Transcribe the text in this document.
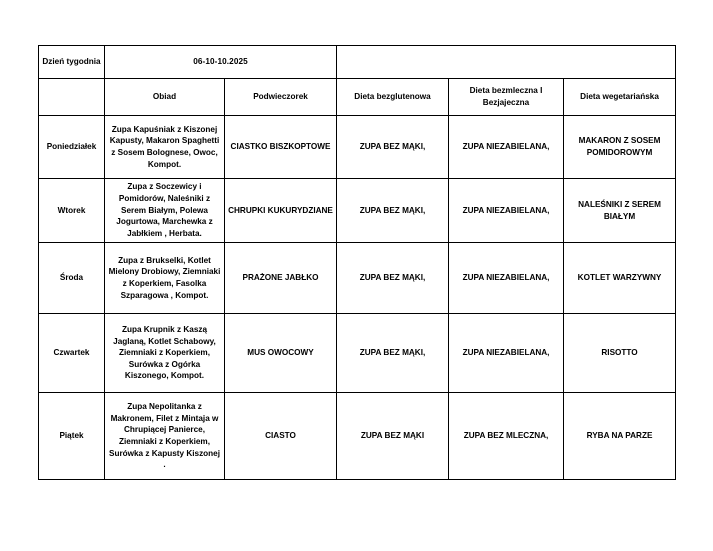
Dzień tygodnia	06-10-10.2025				
	Obiad	Podwieczorek	Dieta bezglutenowa	Dieta bezmleczna I Bezjajeczna	Dieta wegetariańska
Poniedziałek	Zupa Kapuśniak z Kiszonej Kapusty, Makaron Spaghetti z Sosem Bolognese, Owoc, Kompot.	CIASTKO BISZKOPTOWE	ZUPA BEZ MĄKI,	ZUPA NIEZABIELANA,	MAKARON Z SOSEM POMIDOROWYM
Wtorek	Zupa z Soczewicy i Pomidorów, Naleśniki z Serem Białym, Polewa Jogurtowa, Marchewka z Jabłkiem , Herbata.	CHRUPKI KUKURYDZIANE	ZUPA BEZ MĄKI,	ZUPA NIEZABIELANA,	NALEŚNIKI Z SEREM BIAŁYM
Środa	Zupa z Brukselki, Kotlet Mielony Drobiowy, Ziemniaki z Koperkiem, Fasolka Szparagowa , Kompot.	PRAŻONE JABŁKO	ZUPA BEZ MĄKI,	ZUPA NIEZABIELANA,	KOTLET WARZYWNY
Czwartek	Zupa Krupnik z Kaszą Jaglaną, Kotlet Schabowy, Ziemniaki z Koperkiem, Surówka z Ogórka Kiszonego, Kompot.	MUS OWOCOWY	ZUPA BEZ MĄKI,	ZUPA NIEZABIELANA,	RISOTTO
Piątek	Zupa Nepolitanka z Makronem, Filet z Mintaja w Chrupiącej Panierce, Ziemniaki z Koperkiem, Surówka z Kapusty Kiszonej .	CIASTO	ZUPA BEZ MĄKI	ZUPA BEZ MLECZNA,	RYBA NA PARZE
